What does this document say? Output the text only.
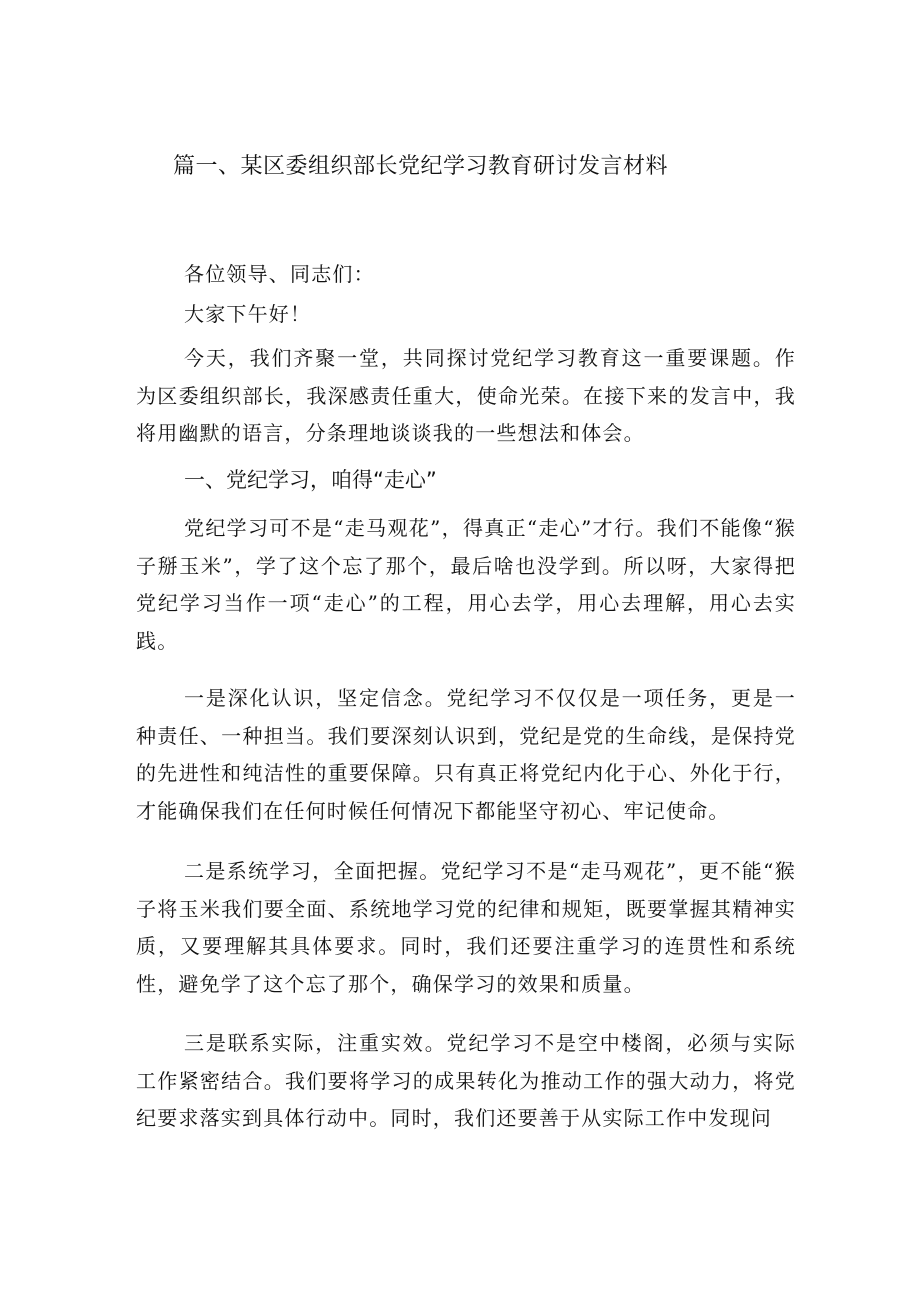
篇一、某区委组织部长党纪学习教育研讨发言材料

各位领导、同志们：

大家下午好！

今天，我们齐聚一堂，共同探讨党纪学习教育这一重要课题。作为区委组织部长，我深感责任重大，使命光荣。在接下来的发言中，我将用幽默的语言，分条理地谈谈我的一些想法和体会。

一、党纪学习，咱得“走心”

党纪学习可不是“走马观花”，得真正“走心”才行。我们不能像“猴子掰玉米”，学了这个忘了那个，最后啥也没学到。所以呀，大家得把党纪学习当作一项“走心”的工程，用心去学，用心去理解，用心去实践。

一是深化认识，坚定信念。党纪学习不仅仅是一项任务，更是一种责任、一种担当。我们要深刻认识到，党纪是党的生命线，是保持党的先进性和纯洁性的重要保障。只有真正将党纪内化于心、外化于行，才能确保我们在任何时候任何情况下都能坚守初心、牢记使命。

二是系统学习，全面把握。党纪学习不是“走马观花”，更不能“猴子将玉米我们要全面、系统地学习党的纪律和规矩，既要掌握其精神实质，又要理解其具体要求。同时，我们还要注重学习的连贯性和系统性，避免学了这个忘了那个，确保学习的效果和质量。

三是联系实际，注重实效。党纪学习不是空中楼阁，必须与实际工作紧密结合。我们要将学习的成果转化为推动工作的强大动力，将党纪要求落实到具体行动中。同时，我们还要善于从实际工作中发现问
